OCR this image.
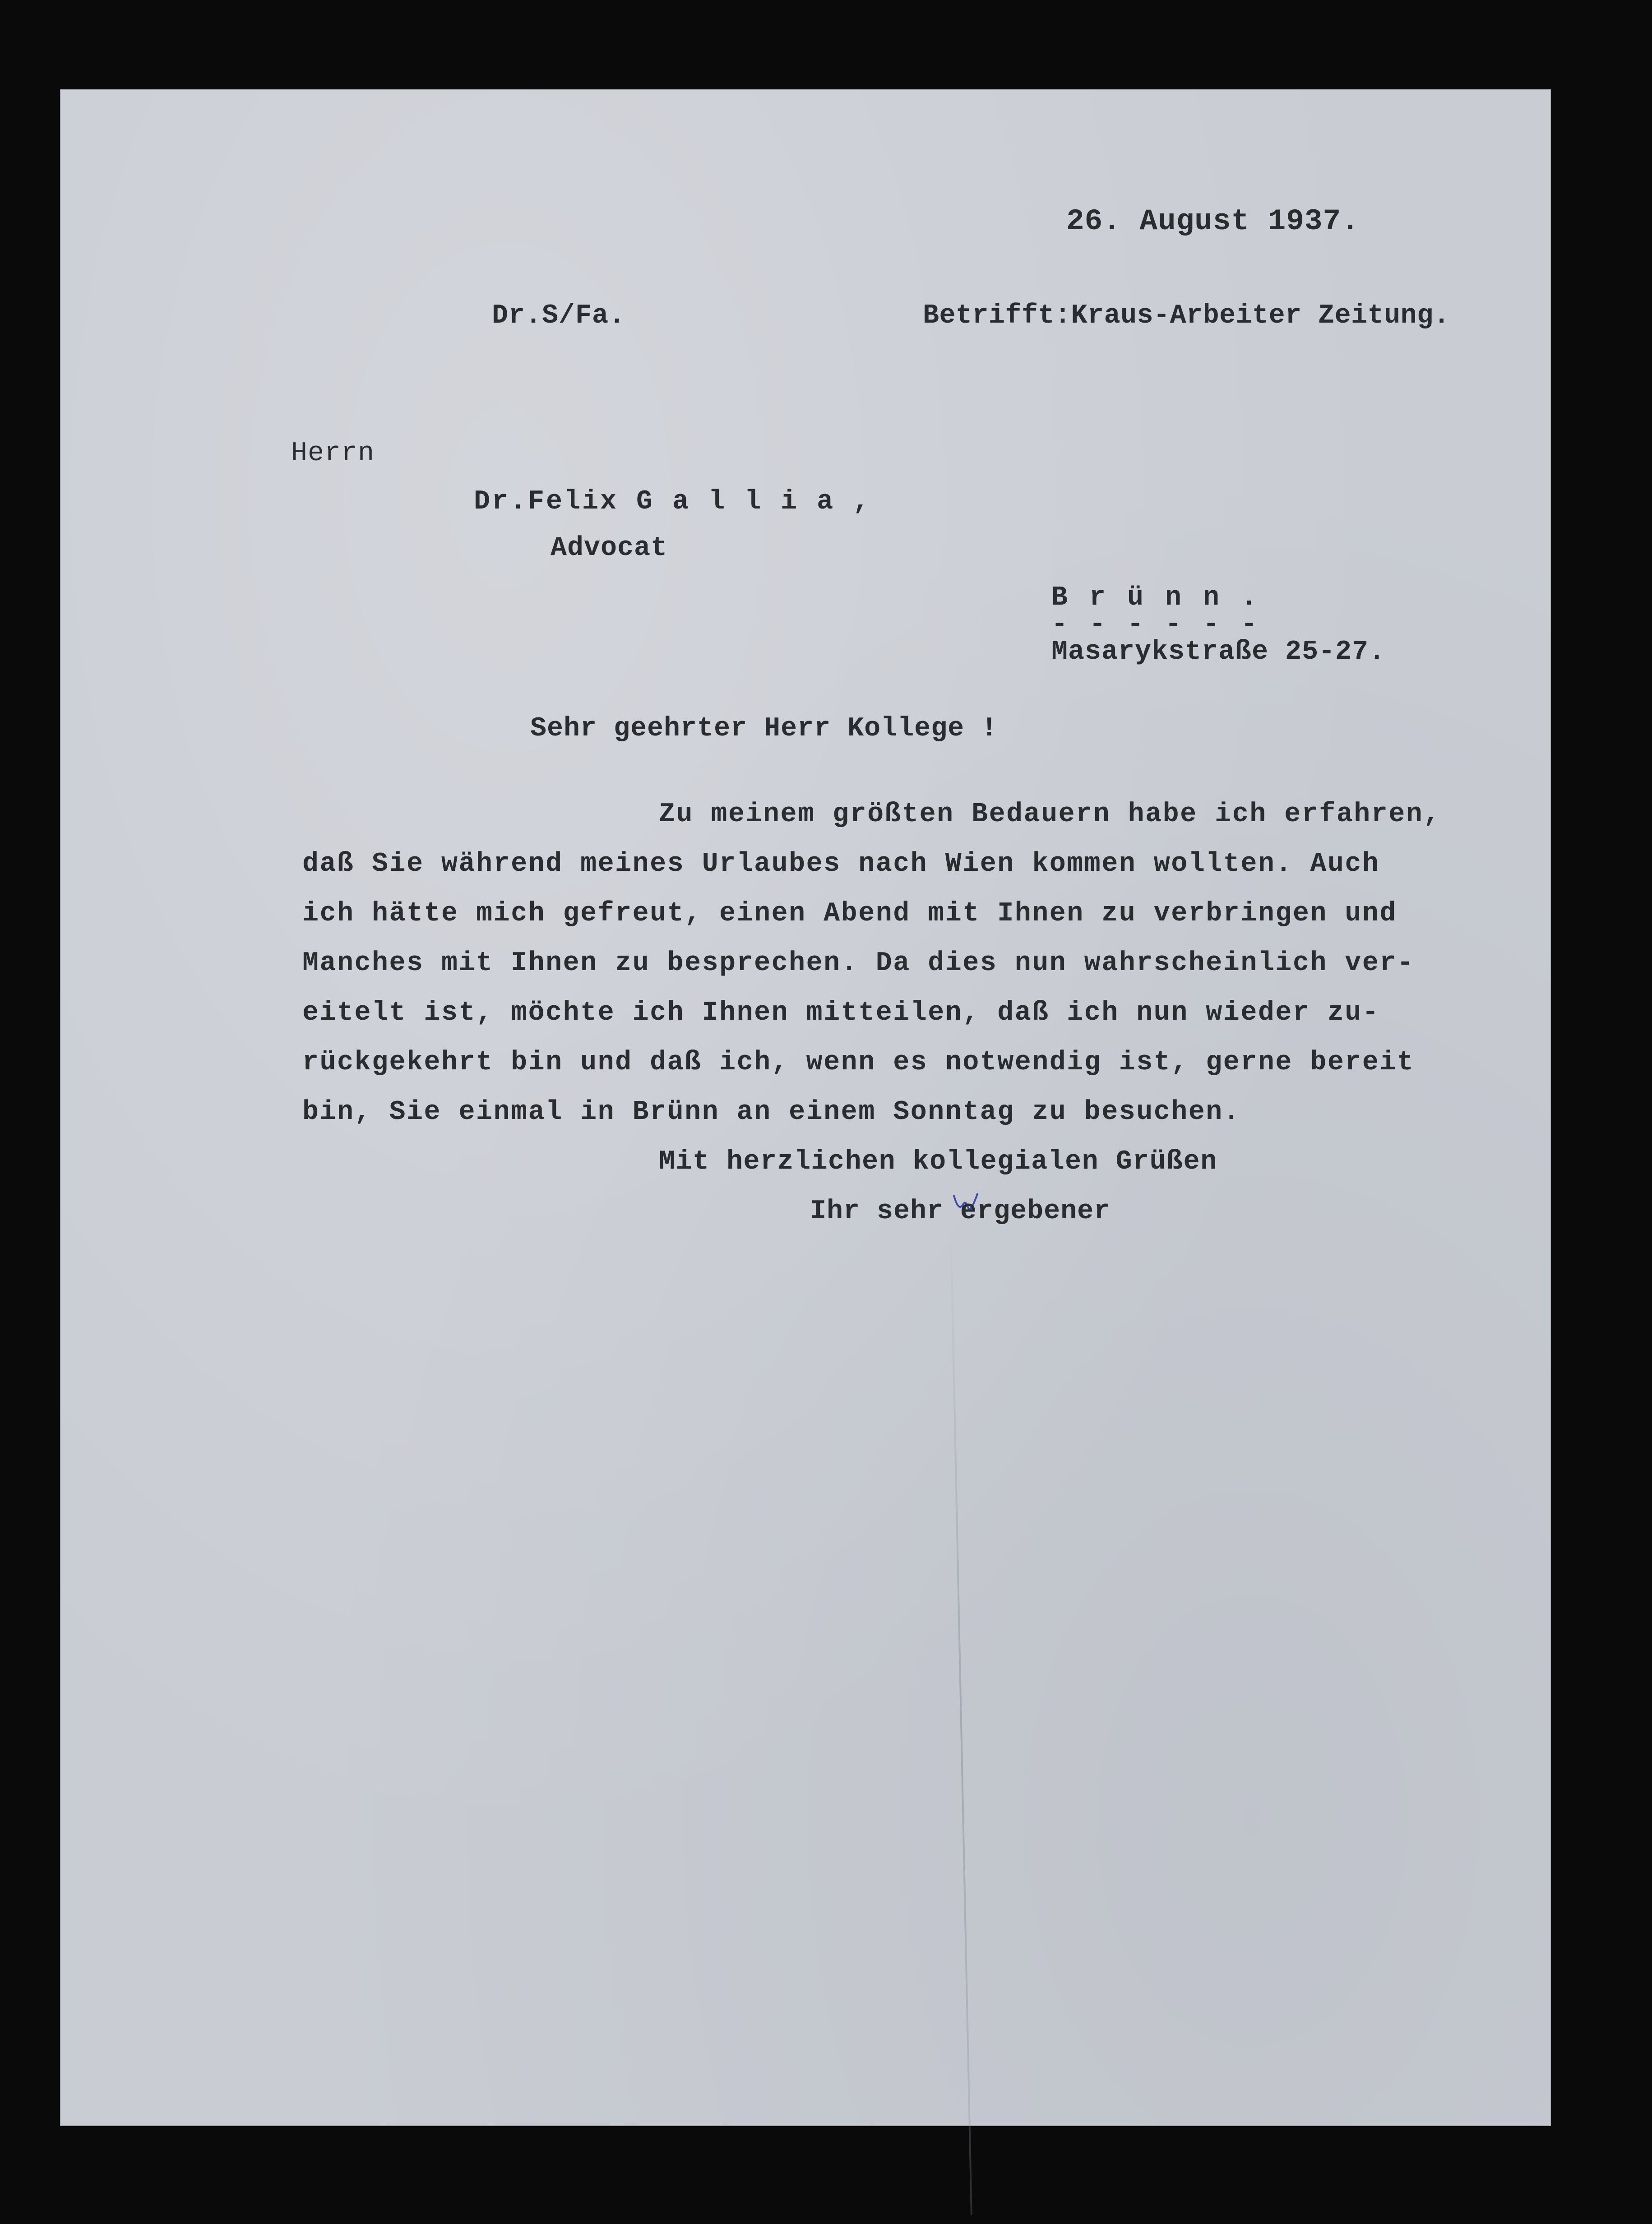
26. August 1937.
Dr.S/Fa.	Betrifft:Kraus-Arbeiter Zeitung.
Herrn
Dr.Felix G a l l i a ,
Advocat
B r ü n n .
- - - - - -
Masarykstraße 25-27.
Sehr geehrter Herr Kollege !
Zu meinem größten Bedauern habe ich erfahren,
daß Sie während meines Urlaubes nach Wien kommen wollten. Auch
ich hätte mich gefreut, einen Abend mit Ihnen zu verbringen und
Manches mit Ihnen zu besprechen. Da dies nun wahrscheinlich ver-
eitelt ist, möchte ich Ihnen mitteilen, daß ich nun wieder zu-
rückgekehrt bin und daß ich, wenn es notwendig ist, gerne bereit
bin, Sie einmal in Brünn an einem Sonntag zu besuchen.
Mit herzlichen kollegialen Grüßen
Ihr sehr ergebener
